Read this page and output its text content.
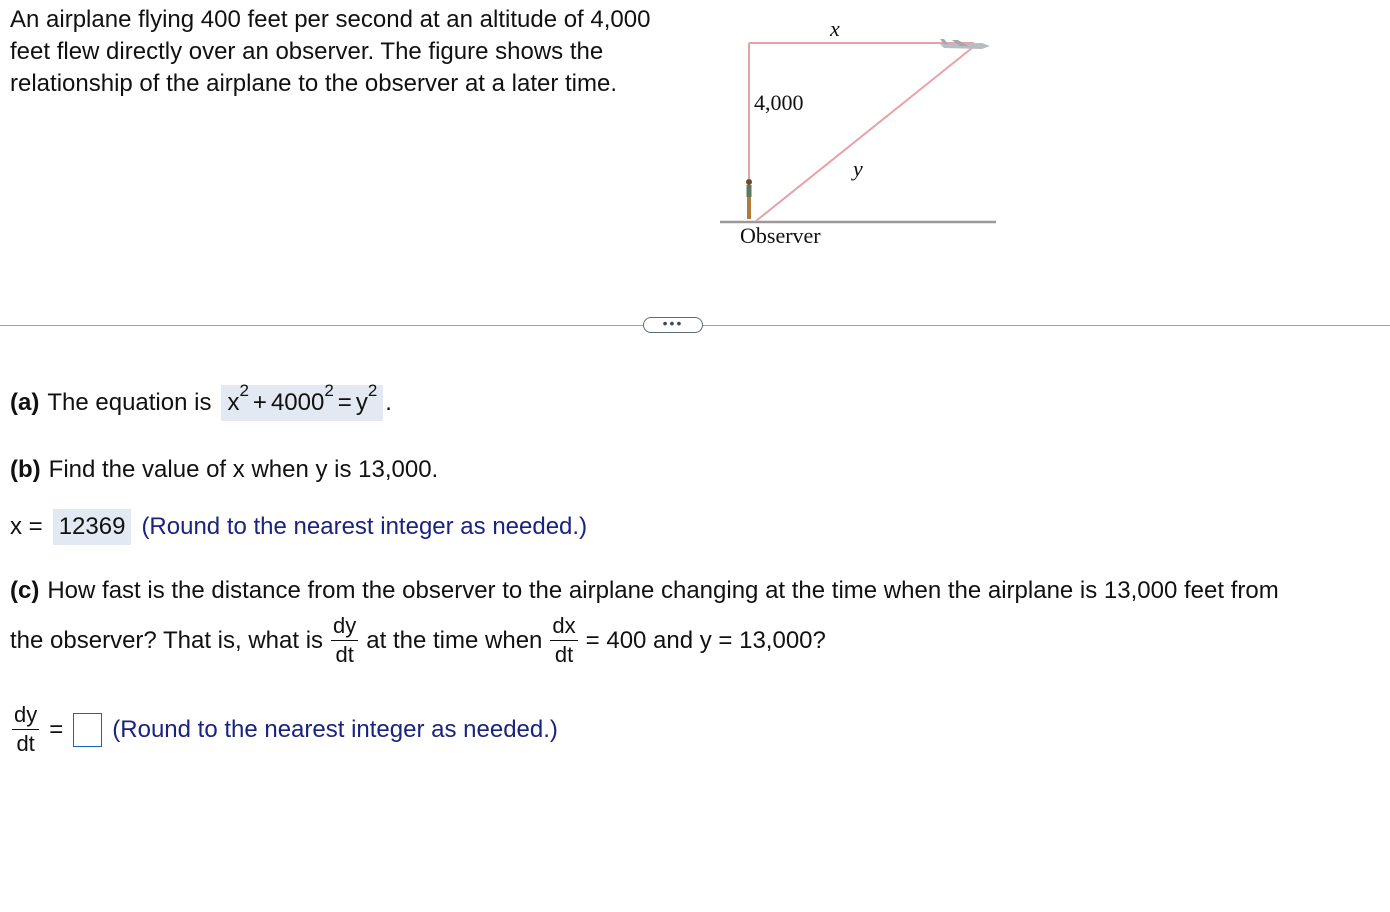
An airplane flying 400 feet per second at an altitude of 4,000
feet flew directly over an observer. The figure shows the
relationship of the airplane to the observer at a later time.
x
4,000
y
Observer
•••
(a) The equation is x 2 + 4000 2 = y 2 .
(b) Find the value of x when y is 13,000.
x = 12369 (Round to the nearest integer as needed.)
(c) How fast is the distance from the observer to the airplane changing at the time when the airplane is 13,000 feet from
the observer? That is, what is $\frac{dy}{dt}$ at the time when $\frac{dx}{dt} = 400$ and y = 13,000?
$\frac{dy}{dt}$ = (Round to the nearest integer as needed.)
